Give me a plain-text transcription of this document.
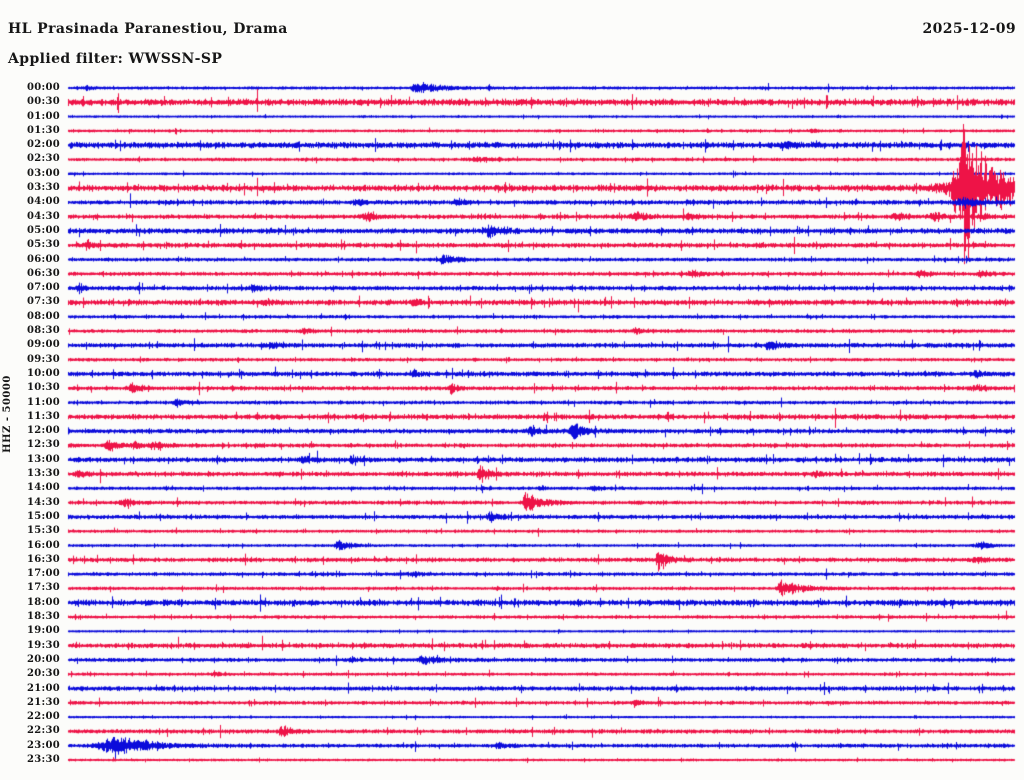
HL Prasinada Paranestiou, Drama	2025-12-09
Applied filter: WWSSN-SP
HHZ - 50000
00:00
00:30
01:00
01:30
02:00
02:30
03:00
03:30
04:00
04:30
05:00
05:30
06:00
06:30
07:00
07:30
08:00
08:30
09:00
09:30
10:00
10:30
11:00
11:30
12:00
12:30
13:00
13:30
14:00
14:30
15:00
15:30
16:00
16:30
17:00
17:30
18:00
18:30
19:00
19:30
20:00
20:30
21:00
21:30
22:00
22:30
23:00
23:30
